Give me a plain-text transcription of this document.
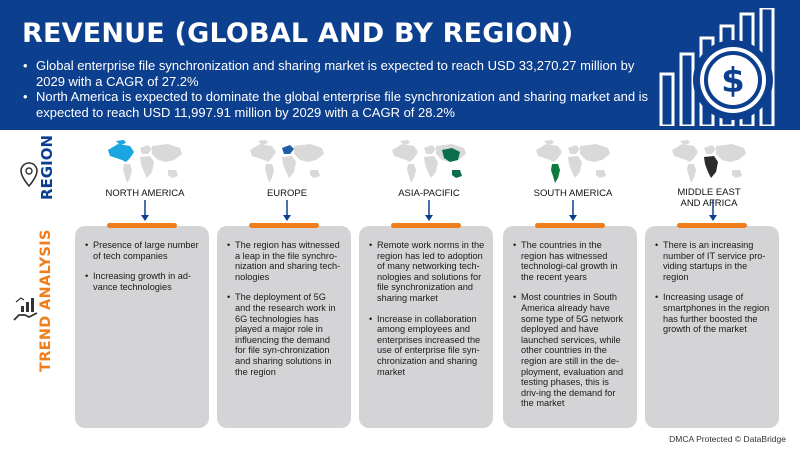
REVENUE (GLOBAL AND BY REGION)
• Global enterprise file synchronization and sharing market is expected to reach USD 33,270.27 million by 2029 with a CAGR of 27.2%
• North America is expected to dominate the global enterprise file synchronization and sharing market and is expected to reach USD 11,997.91 million by 2029 with a CAGR of 28.2%
$
REGION
TREND ANALYSIS
NORTH AMERICA	EUROPE	ASIA-PACIFIC	SOUTH AMERICA	MIDDLE EAST AND AFRICA
• Presence of large number of tech companies
• Increasing growth in ad-vance technologies
• The region has witnessed a leap in the file synchro-nization and sharing tech-nologies
• The deployment of 5G and the research work in 6G technologies has played a major role in influencing the demand for file syn-chronization and sharing solutions in the region
• Remote work norms in the region has led to adoption of many networking tech-nologies and solutions for file synchronization and sharing market
• Increase in collaboration among employees and enterprises increased the use of enterprise file syn-chronization and sharing market
• The countries in the region has witnessed technologi-cal growth in the recent years
• Most countries in South America already have some type of 5G network deployed and have launched services, while other countries in the region are still in the de-ployment, evaluation and testing phases, this is driv-ing the demand for the market
• There is an increasing number of IT service pro-viding startups in the region
• Increasing usage of smartphones in the region has further boosted the growth of the market
DMCA Protected © DataBridge
